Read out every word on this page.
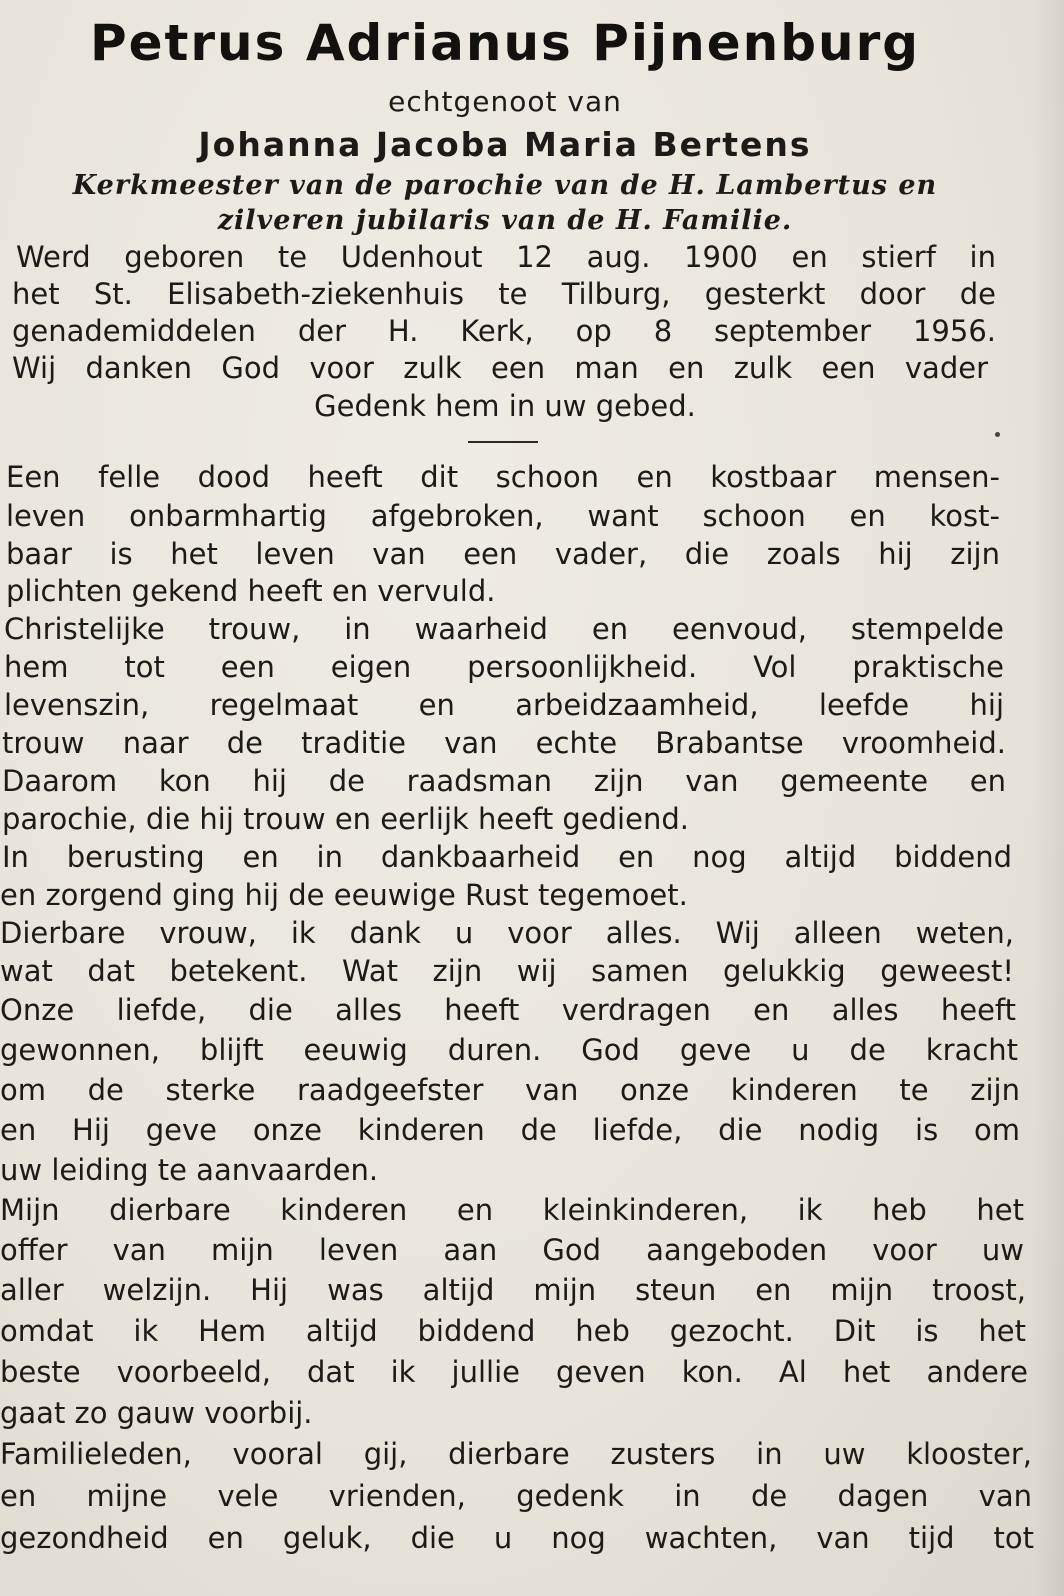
Petrus Adrianus Pijnenburg
echtgenoot van
Johanna Jacoba Maria Bertens
Kerkmeester van de parochie van de H. Lambertus en
zilveren jubilaris van de H. Familie.
Werd geboren te Udenhout 12 aug. 1900 en stierf in
het St. Elisabeth-ziekenhuis te Tilburg, gesterkt door de
genademiddelen der H. Kerk, op 8 september 1956.
Wij danken God voor zulk een man en zulk een vader
Gedenk hem in uw gebed.
Een felle dood heeft dit schoon en kostbaar mensen-
leven onbarmhartig afgebroken, want schoon en kost-
baar is het leven van een vader, die zoals hij zijn
plichten gekend heeft en vervuld.
Christelijke trouw, in waarheid en eenvoud, stempelde
hem tot een eigen persoonlijkheid. Vol praktische
levenszin, regelmaat en arbeidzaamheid, leefde hij
trouw naar de traditie van echte Brabantse vroomheid.
Daarom kon hij de raadsman zijn van gemeente en
parochie, die hij trouw en eerlijk heeft gediend.
In berusting en in dankbaarheid en nog altijd biddend
en zorgend ging hij de eeuwige Rust tegemoet.
Dierbare vrouw, ik dank u voor alles. Wij alleen weten,
wat dat betekent. Wat zijn wij samen gelukkig geweest!
Onze liefde, die alles heeft verdragen en alles heeft
gewonnen, blijft eeuwig duren. God geve u de kracht
om de sterke raadgeefster van onze kinderen te zijn
en Hij geve onze kinderen de liefde, die nodig is om
uw leiding te aanvaarden.
Mijn dierbare kinderen en kleinkinderen, ik heb het
offer van mijn leven aan God aangeboden voor uw
aller welzijn. Hij was altijd mijn steun en mijn troost,
omdat ik Hem altijd biddend heb gezocht. Dit is het
beste voorbeeld, dat ik jullie geven kon. Al het andere
gaat zo gauw voorbij.
Familieleden, vooral gij, dierbare zusters in uw klooster,
en mijne vele vrienden, gedenk in de dagen van
gezondheid en geluk, die u nog wachten, van tijd tot
